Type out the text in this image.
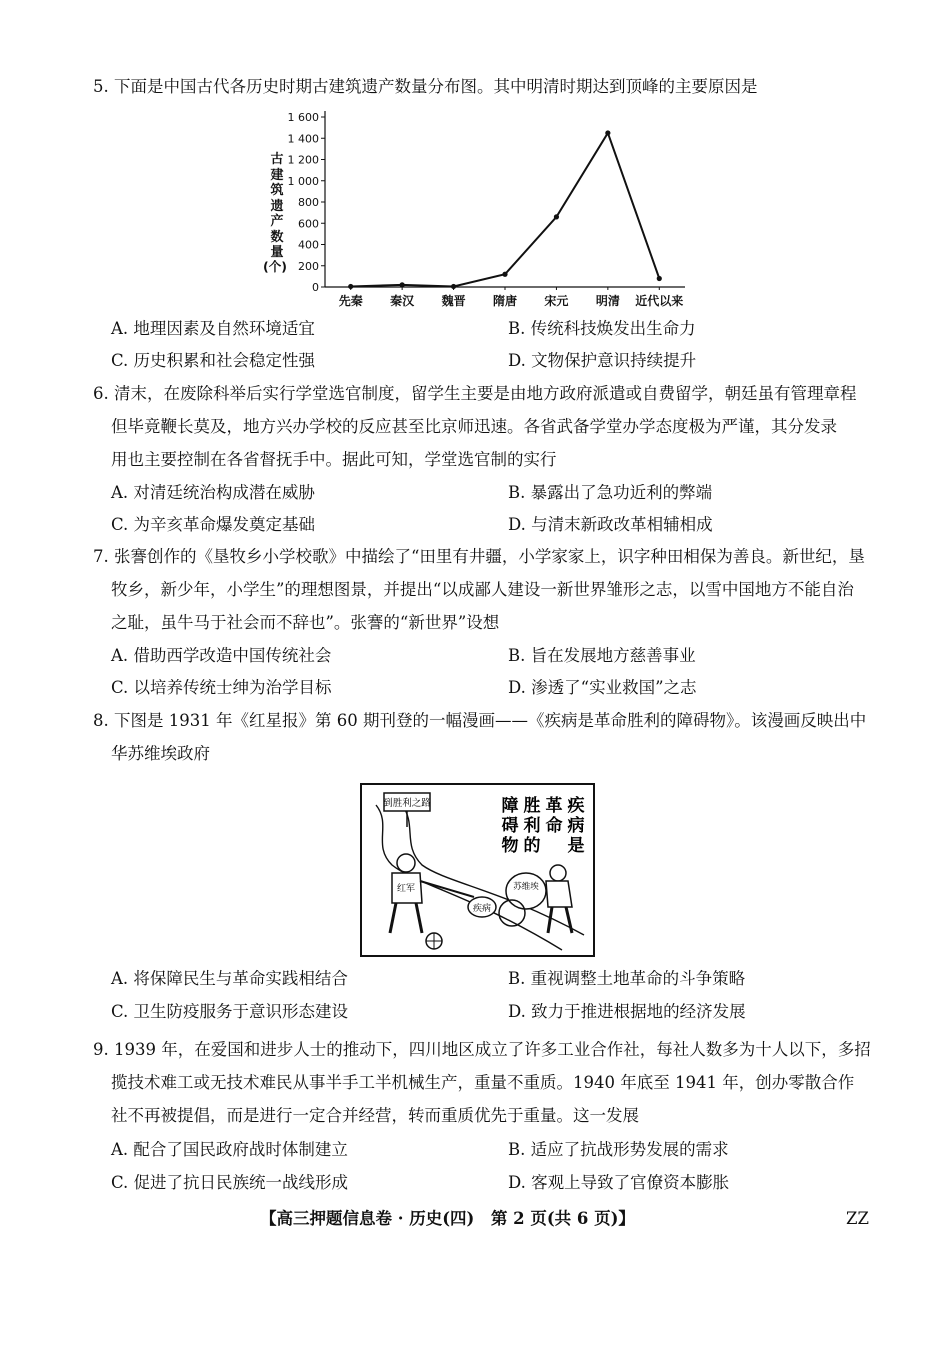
5. 下面是中国古代各历史时期古建筑遗产数量分布图。其中明清时期达到顶峰的主要原因是
古建筑遗产数量
(个)
0
200
400
600
800
1 000
1 200
1 400
1 600
先秦 秦汉 魏晋 隋唐 宋元 明清 近代以来
A. 地理因素及自然环境适宜	B. 传统科技焕发出生命力
C. 历史积累和社会稳定性强	D. 文物保护意识持续提升
6. 清末，在废除科举后实行学堂选官制度，留学生主要是由地方政府派遣或自费留学，朝廷虽有管理章程
但毕竟鞭长莫及，地方兴办学校的反应甚至比京师迅速。各省武备学堂办学态度极为严谨，其分发录
用也主要控制在各省督抚手中。据此可知，学堂选官制的实行
A. 对清廷统治构成潜在威胁	B. 暴露出了急功近利的弊端
C. 为辛亥革命爆发奠定基础	D. 与清末新政改革相辅相成
7. 张謇创作的《垦牧乡小学校歌》中描绘了“田里有井疆，小学家家上，识字种田相保为善良。新世纪，垦
牧乡，新少年，小学生”的理想图景，并提出“以成鄙人建设一新世界雏形之志，以雪中国地方不能自治
之耻，虽牛马于社会而不辞也”。张謇的“新世界”设想
A. 借助西学改造中国传统社会	B. 旨在发展地方慈善事业
C. 以培养传统士绅为治学目标	D. 渗透了“实业救国”之志
8. 下图是 1931 年《红星报》第 60 期刊登的一幅漫画——《疾病是革命胜利的障碍物》。该漫画反映出中
华苏维埃政府
到胜利之路	疾
病
是
革
命
胜
利
的
障
碍
物
红军
疾病
苏维埃
A. 将保障民生与革命实践相结合	B. 重视调整土地革命的斗争策略
C. 卫生防疫服务于意识形态建设	D. 致力于推进根据地的经济发展
9. 1939 年，在爱国和进步人士的推动下，四川地区成立了许多工业合作社，每社人数多为十人以下，多招
揽技术难工或无技术难民从事半手工半机械生产，重量不重质。1940 年底至 1941 年，创办零散合作
社不再被提倡，而是进行一定合并经营，转而重质优先于重量。这一发展
A. 配合了国民政府战时体制建立	B. 适应了抗战形势发展的需求
C. 促进了抗日民族统一战线形成	D. 客观上导致了官僚资本膨胀
【高三押题信息卷 · 历史(四)　第 2 页(共 6 页)】	ZZ
